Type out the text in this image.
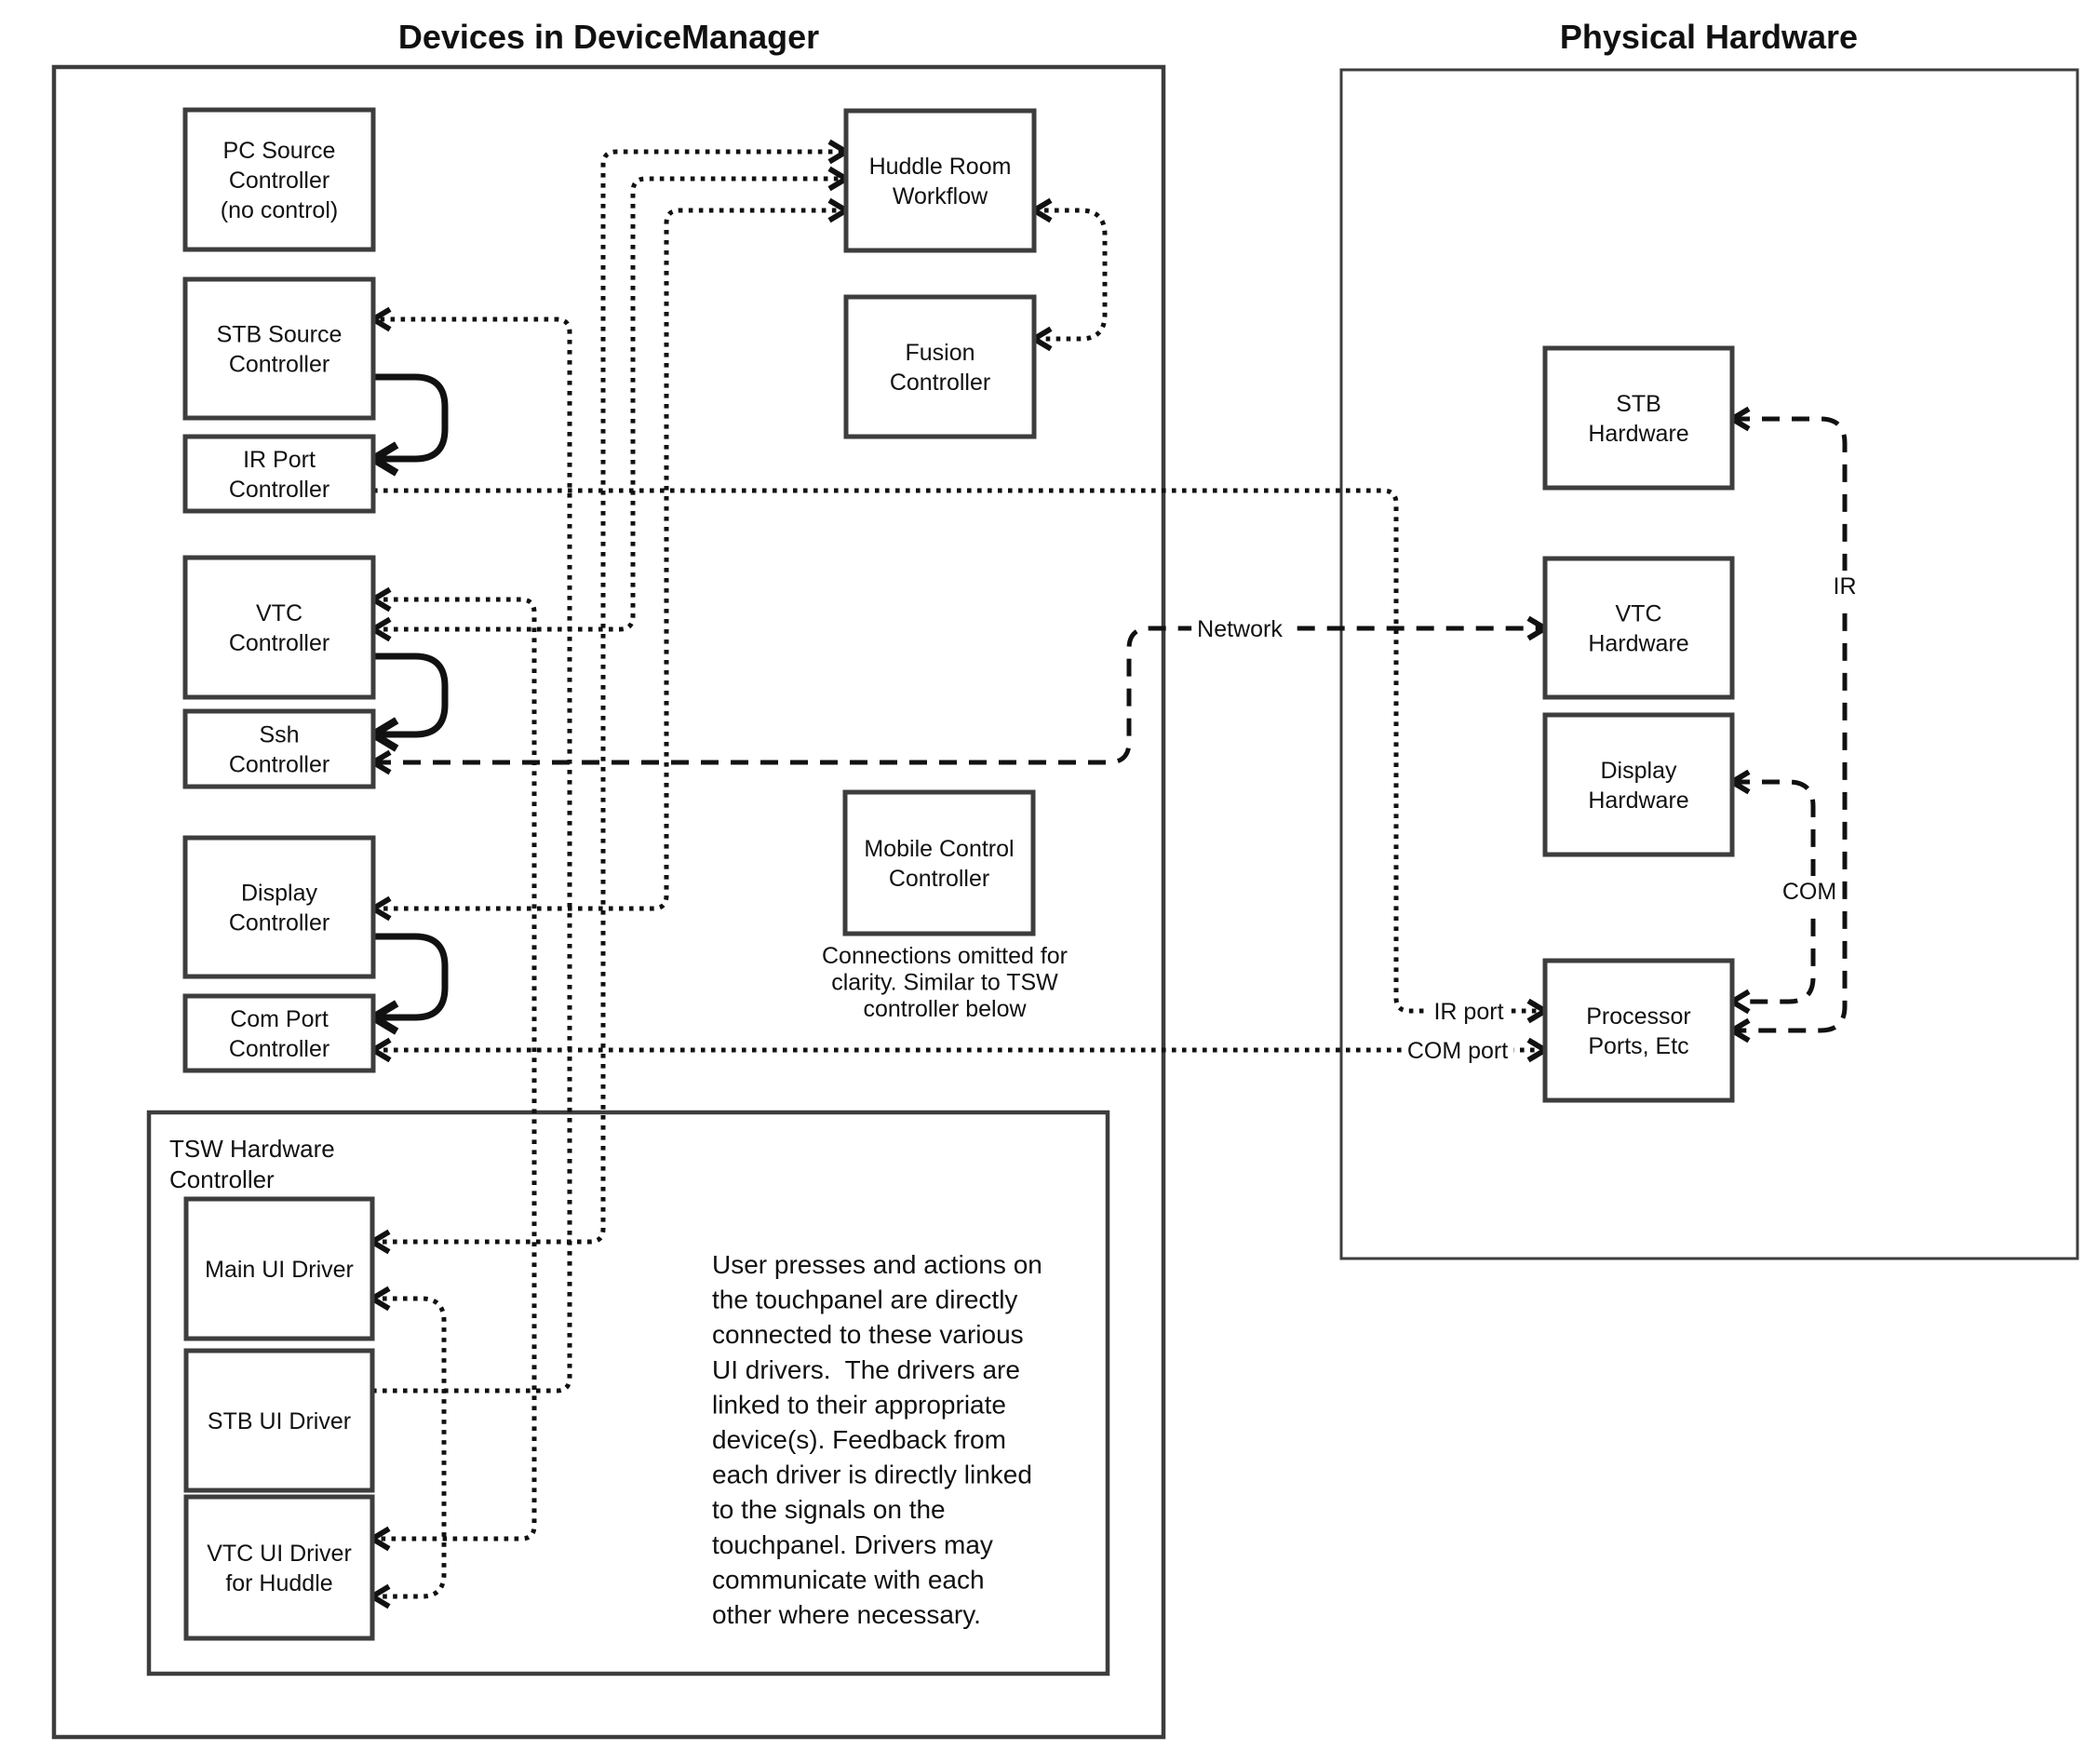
TSW Hardware Controller
PC Source Controller (no control)
STB Source Controller
IR Port Controller
VTC Controller
Ssh Controller
Display Controller
Com Port Controller
Main UI Driver
STB UI Driver
VTC UI Driver for Huddle
Huddle Room Workflow
Fusion Controller
Mobile Control Controller
STB Hardware
VTC Hardware
Display Hardware
Processor Ports, Etc
Network
IR
COM
IR port
COM port
Connections omitted for clarity. Similar to TSW controller below
User presses and actions on the touchpanel are directly connected to these various UI drivers.  The drivers are linked to their appropriate device(s). Feedback from each driver is directly linked to the signals on the touchpanel. Drivers may communicate with each other where necessary.
Devices in DeviceManager	Physical Hardware
